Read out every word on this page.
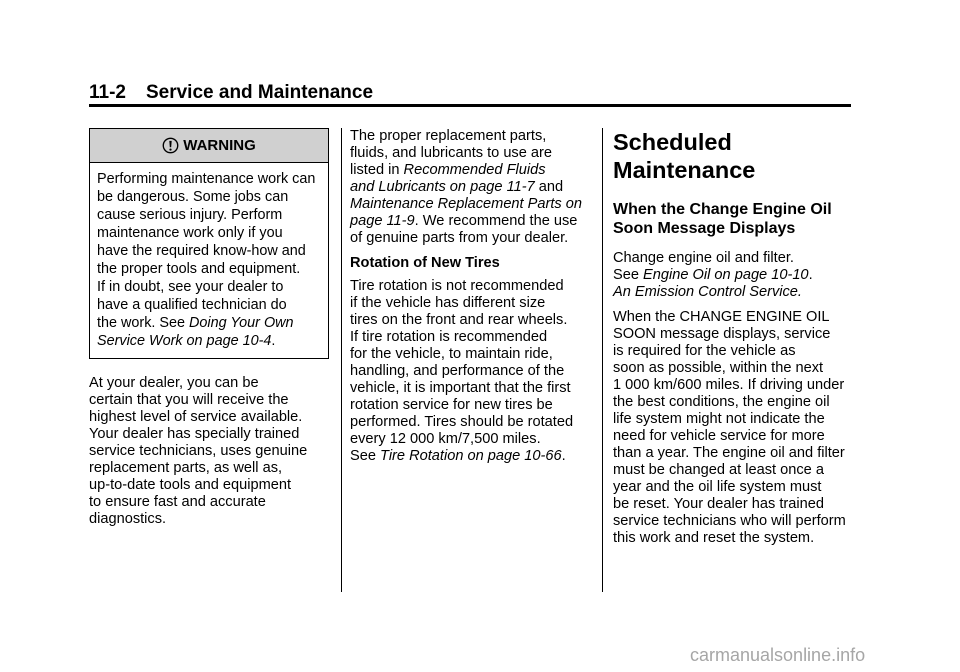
11-2 Service and Maintenance
WARNING
Performing maintenance work can
be dangerous. Some jobs can
cause serious injury. Perform
maintenance work only if you
have the required know-how and
the proper tools and equipment.
If in doubt, see your dealer to
have a qualified technician do
the work. See Doing Your Own
Service Work on page 10-4.
At your dealer, you can be
certain that you will receive the
highest level of service available.
Your dealer has specially trained
service technicians, uses genuine
replacement parts, as well as,
up-to-date tools and equipment
to ensure fast and accurate
diagnostics.

The proper replacement parts,
fluids, and lubricants to use are
listed in Recommended Fluids
and Lubricants on page 11-7 and
Maintenance Replacement Parts on
page 11-9. We recommend the use
of genuine parts from your dealer.

Rotation of New Tires
Tire rotation is not recommended
if the vehicle has different size
tires on the front and rear wheels.
If tire rotation is recommended
for the vehicle, to maintain ride,
handling, and performance of the
vehicle, it is important that the first
rotation service for new tires be
performed. Tires should be rotated
every 12 000 km/7,500 miles.
See Tire Rotation on page 10-66.
Scheduled
Maintenance
When the Change Engine Oil
Soon Message Displays

Change engine oil and filter.
See Engine Oil on page 10-10.
An Emission Control Service.

When the CHANGE ENGINE OIL
SOON message displays, service
is required for the vehicle as
soon as possible, within the next
1 000 km/600 miles. If driving under
the best conditions, the engine oil
life system might not indicate the
need for vehicle service for more
than a year. The engine oil and filter
must be changed at least once a
year and the oil life system must
be reset. Your dealer has trained
service technicians who will perform
this work and reset the system.
carmanualsonline.info
